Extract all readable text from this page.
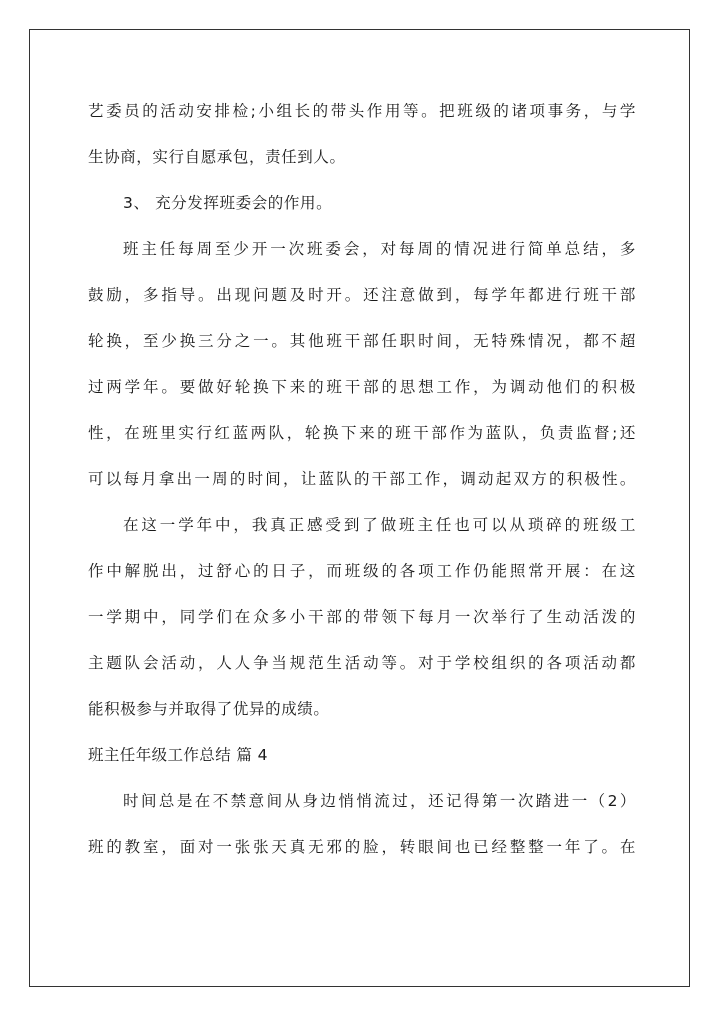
艺委员的活动安排检;小组长的带头作用等。把班级的诸项事务，与学
生协商，实行自愿承包，责任到人。
3、 充分发挥班委会的作用。
班主任每周至少开一次班委会，对每周的情况进行简单总结，多
鼓励，多指导。出现问题及时开。还注意做到，每学年都进行班干部
轮换，至少换三分之一。其他班干部任职时间，无特殊情况，都不超
过两学年。要做好轮换下来的班干部的思想工作，为调动他们的积极
性，在班里实行红蓝两队，轮换下来的班干部作为蓝队，负责监督;还
可以每月拿出一周的时间，让蓝队的干部工作，调动起双方的积极性。
在这一学年中，我真正感受到了做班主任也可以从琐碎的班级工
作中解脱出，过舒心的日子，而班级的各项工作仍能照常开展：在这
一学期中，同学们在众多小干部的带领下每月一次举行了生动活泼的
主题队会活动，人人争当规范生活动等。对于学校组织的各项活动都
能积极参与并取得了优异的成绩。
班主任年级工作总结 篇 4
时间总是在不禁意间从身边悄悄流过，还记得第一次踏进一（2）
班的教室，面对一张张天真无邪的脸，转眼间也已经整整一年了。在
